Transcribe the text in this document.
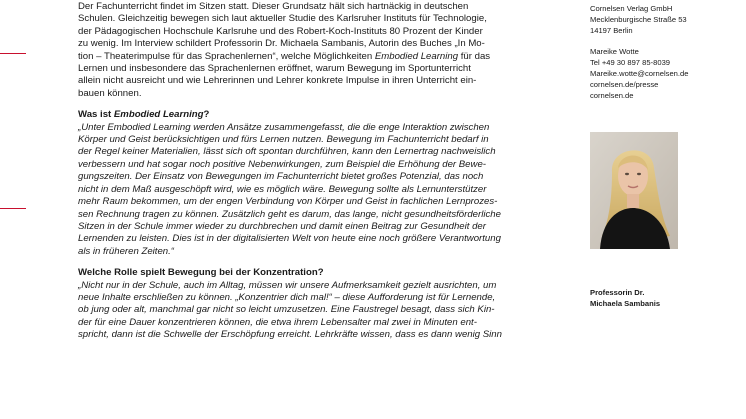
Der Fachunterricht findet im Sitzen statt. Dieser Grundsatz hält sich hartnäckig in deutschen
Schulen. Gleichzeitig bewegen sich laut aktueller Studie des Karlsruher Instituts für Technologie,
der Pädagogischen Hochschule Karlsruhe und des Robert-Koch-Instituts 80 Prozent der Kinder
zu wenig. Im Interview schildert Professorin Dr. Michaela Sambanis, Autorin des Buches „In Mo-
tion – Theaterimpulse für das Sprachenlernen“, welche Möglichkeiten Embodied Learning für das
Lernen und insbesondere das Sprachenlernen eröffnet, warum Bewegung im Sportunterricht
allein nicht ausreicht und wie Lehrerinnen und Lehrer konkrete Impulse in ihren Unterricht ein-
bauen können.

Was ist Embodied Learning?

„Unter Embodied Learning werden Ansätze zusammengefasst, die die enge Interaktion zwischen
Körper und Geist berücksichtigen und fürs Lernen nutzen. Bewegung im Fachunterricht bedarf in
der Regel keiner Materialien, lässt sich oft spontan durchführen, kann den Lernertrag nachweislich
verbessern und hat sogar noch positive Nebenwirkungen, zum Beispiel die Erhöhung der Bewe-
gungszeiten. Der Einsatz von Bewegungen im Fachunterricht bietet großes Potenzial, das noch
nicht in dem Maß ausgeschöpft wird, wie es möglich wäre. Bewegung sollte als Lernunterstützer
mehr Raum bekommen, um der engen Verbindung von Körper und Geist in fachlichen Lernprozes-
sen Rechnung tragen zu können. Zusätzlich geht es darum, das lange, nicht gesundheitsförderliche
Sitzen in der Schule immer wieder zu durchbrechen und damit einen Beitrag zur Gesundheit der
Lernenden zu leisten. Dies ist in der digitalisierten Welt von heute eine noch größere Verantwortung
als in früheren Zeiten.“

Welche Rolle spielt Bewegung bei der Konzentration?

„Nicht nur in der Schule, auch im Alltag, müssen wir unsere Aufmerksamkeit gezielt ausrichten, um
neue Inhalte erschließen zu können. „Konzentrier dich mal!“ – diese Aufforderung ist für Lernende,
ob jung oder alt, manchmal gar nicht so leicht umzusetzen. Eine Faustregel besagt, dass sich Kin-
der für eine Dauer konzentrieren können, die etwa ihrem Lebensalter mal zwei in Minuten ent-
spricht, dann ist die Schwelle der Erschöpfung erreicht. Lehrkräfte wissen, dass es dann wenig Sinn

Cornelsen Verlag GmbH
Mecklenburgische Straße 53
14197 Berlin
Mareike Wotte
Tel +49 30 897 85-8039
Mareike.wotte@cornelsen.de
cornelsen.de/presse
cornelsen.de
Professorin Dr.
Michaela Sambanis
